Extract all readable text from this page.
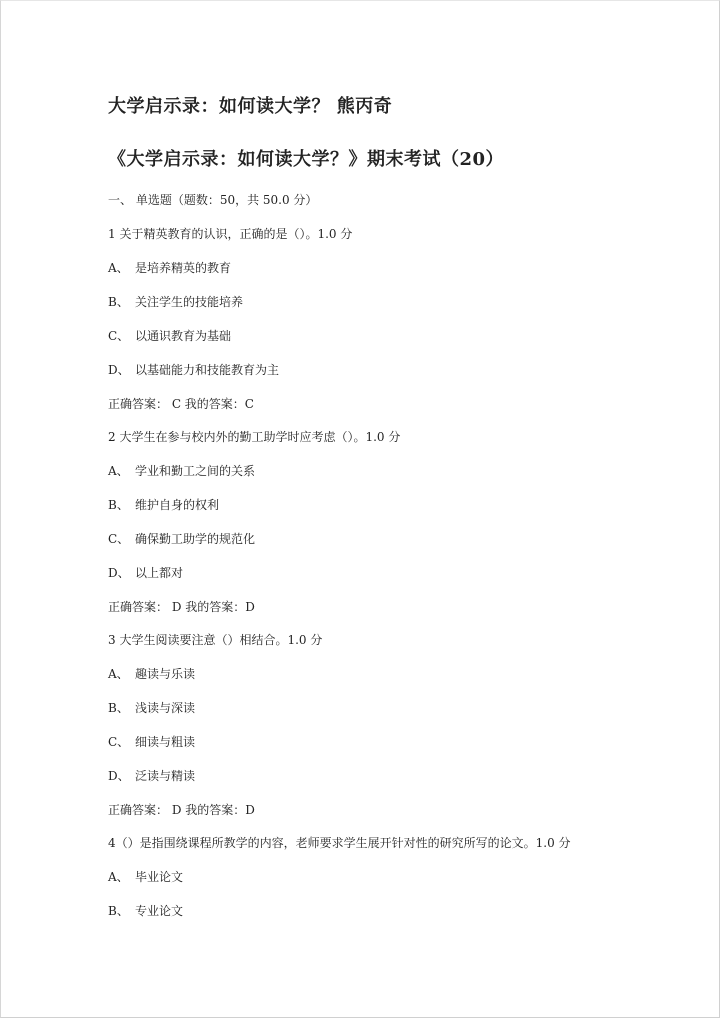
大学启示录：如何读大学？ 熊丙奇
《大学启示录：如何读大学？》期末考试（20）
一、 单选题（题数：50，共 50.0 分）
1 关于精英教育的认识，正确的是（）。1.0 分
A、 是培养精英的教育
B、 关注学生的技能培养
C、 以通识教育为基础
D、 以基础能力和技能教育为主
正确答案： C 我的答案：C
2 大学生在参与校内外的勤工助学时应考虑（）。1.0 分
A、 学业和勤工之间的关系
B、 维护自身的权利
C、 确保勤工助学的规范化
D、 以上都对
正确答案： D 我的答案：D
3 大学生阅读要注意（）相结合。1.0 分
A、 趣读与乐读
B、 浅读与深读
C、 细读与粗读
D、 泛读与精读
正确答案： D 我的答案：D
4（）是指围绕课程所教学的内容，老师要求学生展开针对性的研究所写的论文。1.0 分
A、 毕业论文
B、 专业论文
